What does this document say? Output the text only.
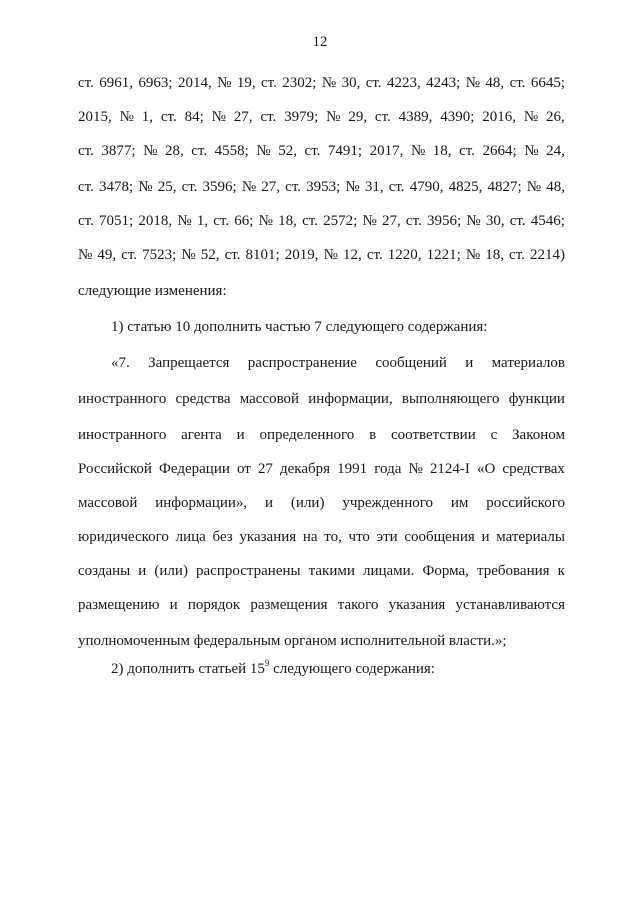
12
ст. 6961, 6963; 2014, № 19, ст. 2302; № 30, ст. 4223, 4243; № 48, ст. 6645;
2015, № 1, ст. 84; № 27, ст. 3979; № 29, ст. 4389, 4390; 2016, № 26,
ст. 3877; № 28, ст. 4558; № 52, ст. 7491; 2017, № 18, ст. 2664; № 24,
ст. 3478; № 25, ст. 3596; № 27, ст. 3953; № 31, ст. 4790, 4825, 4827; № 48,
ст. 7051; 2018, № 1, ст. 66; № 18, ст. 2572; № 27, ст. 3956; № 30, ст. 4546;
№ 49, ст. 7523; № 52, ст. 8101; 2019, № 12, ст. 1220, 1221; № 18, ст. 2214)
следующие изменения:
1) статью 10 дополнить частью 7 следующего содержания:
«7. Запрещается распространение сообщений и материалов
иностранного средства массовой информации, выполняющего функции
иностранного агента и определенного в соответствии с Законом
Российской Федерации от 27 декабря 1991 года № 2124-I «О средствах
массовой информации», и (или) учрежденного им российского
юридического лица без указания на то, что эти сообщения и материалы
созданы и (или) распространены такими лицами. Форма, требования к
размещению и порядок размещения такого указания устанавливаются
уполномоченным федеральным органом исполнительной власти.»;
2) дополнить статьей $15^9$ следующего содержания:
